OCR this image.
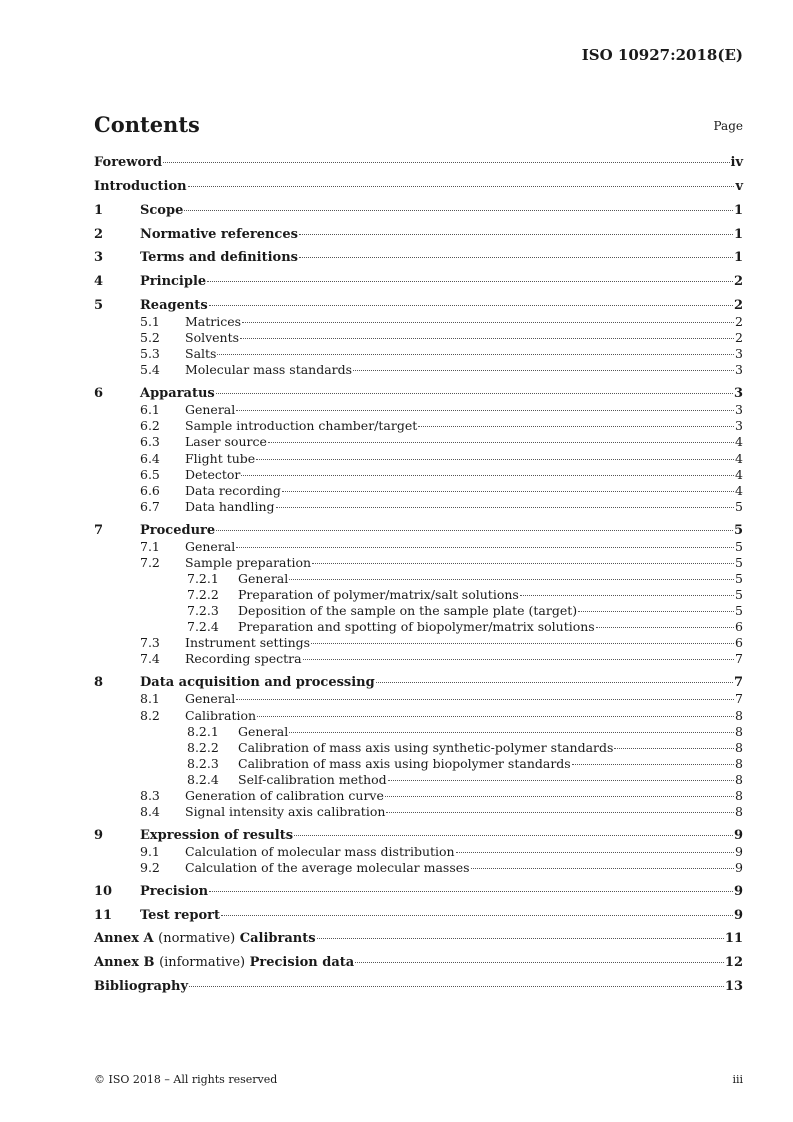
ISO 10927:2018(E)
Contents	Page
Foreword	iv
Introduction	v
1	Scope	1
2	Normative references	1
3	Terms and definitions	1
4	Principle	2
5	Reagents	2
5.1	Matrices	2
5.2	Solvents	2
5.3	Salts	3
5.4	Molecular mass standards	3
6	Apparatus	3
6.1	General	3
6.2	Sample introduction chamber/target	3
6.3	Laser source	4
6.4	Flight tube	4
6.5	Detector	4
6.6	Data recording	4
6.7	Data handling	5
7	Procedure	5
7.1	General	5
7.2	Sample preparation	5
7.2.1	General	5
7.2.2	Preparation of polymer/matrix/salt solutions	5
7.2.3	Deposition of the sample on the sample plate (target)	5
7.2.4	Preparation and spotting of biopolymer/matrix solutions	6
7.3	Instrument settings	6
7.4	Recording spectra	7
8	Data acquisition and processing	7
8.1	General	7
8.2	Calibration	8
8.2.1	General	8
8.2.2	Calibration of mass axis using synthetic-polymer standards	8
8.2.3	Calibration of mass axis using biopolymer standards	8
8.2.4	Self-calibration method	8
8.3	Generation of calibration curve	8
8.4	Signal intensity axis calibration	8
9	Expression of results	9
9.1	Calculation of molecular mass distribution	9
9.2	Calculation of the average molecular masses	9
10	Precision	9
11	Test report	9
Annex A (normative) Calibrants	11
Annex B (informative) Precision data	12
Bibliography	13
© ISO 2018 – All rights reserved	iii
